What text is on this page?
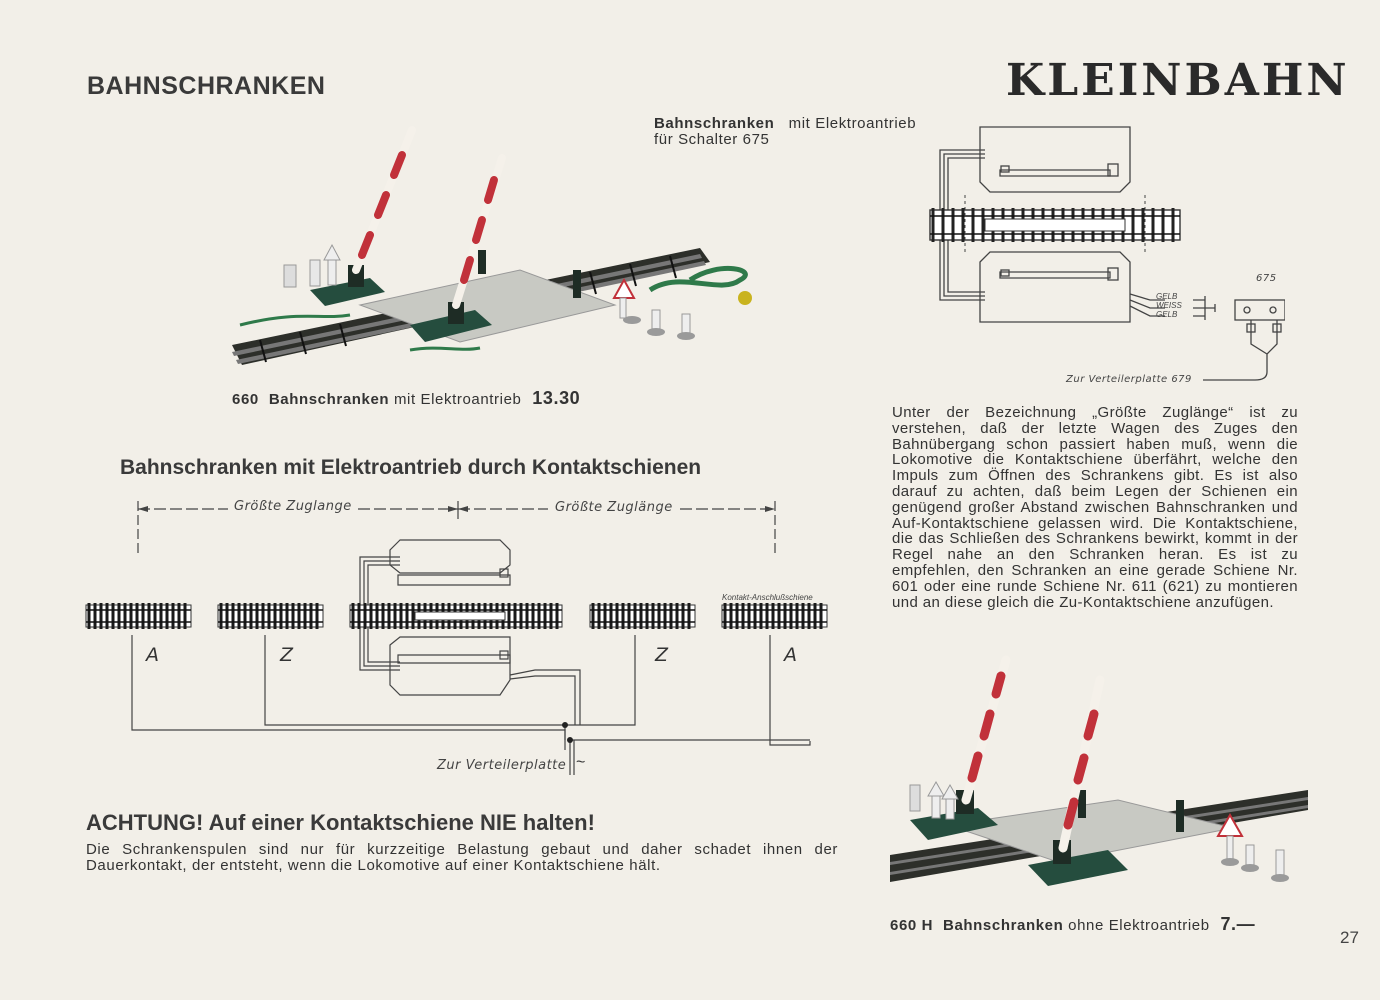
BAHNSCHRANKEN	KLEINBAHN
660 Bahnschranken mit Elektroantrieb 13.30
Bahnschranken mit Elektroantrieb
für Schalter 675
GELB
WEISS
GELB
675
Zur Verteilerplatte 679
Unter der Bezeichnung „Größte Zuglänge“ ist zu verstehen, daß der letzte Wagen des Zuges den Bahnübergang schon passiert haben muß, wenn die Lokomotive die Kontaktschiene überfährt, welche den Impuls zum Öffnen des Schrankens gibt. Es ist also darauf zu achten, daß beim Legen der Schienen ein genügend großer Abstand zwischen Bahnschranken und Auf-Kontaktschiene gelassen wird. Die Kontaktschiene, die das Schließen des Schrankens bewirkt, kommt in der Regel nahe an den Schranken heran. Es ist zu empfehlen, den Schranken an eine gerade Schiene Nr. 601 oder eine runde Schiene Nr. 611 (621) zu montieren und an diese gleich die Zu-Kontaktschiene anzufügen.
Bahnschranken mit Elektroantrieb durch Kontaktschienen
Größte Zuglange	Größte Zuglänge
Kontakt-Anschlußschiene
A	Z	Z	A
Zur Verteilerplatte ~
ACHTUNG! Auf einer Kontaktschiene NIE halten!
Die Schrankenspulen sind nur für kurzzeitige Belastung gebaut und daher schadet ihnen der Dauerkontakt, der entsteht, wenn die Lokomotive auf einer Kontaktschiene hält.
660 H Bahnschranken ohne Elektroantrieb 7.—
27
